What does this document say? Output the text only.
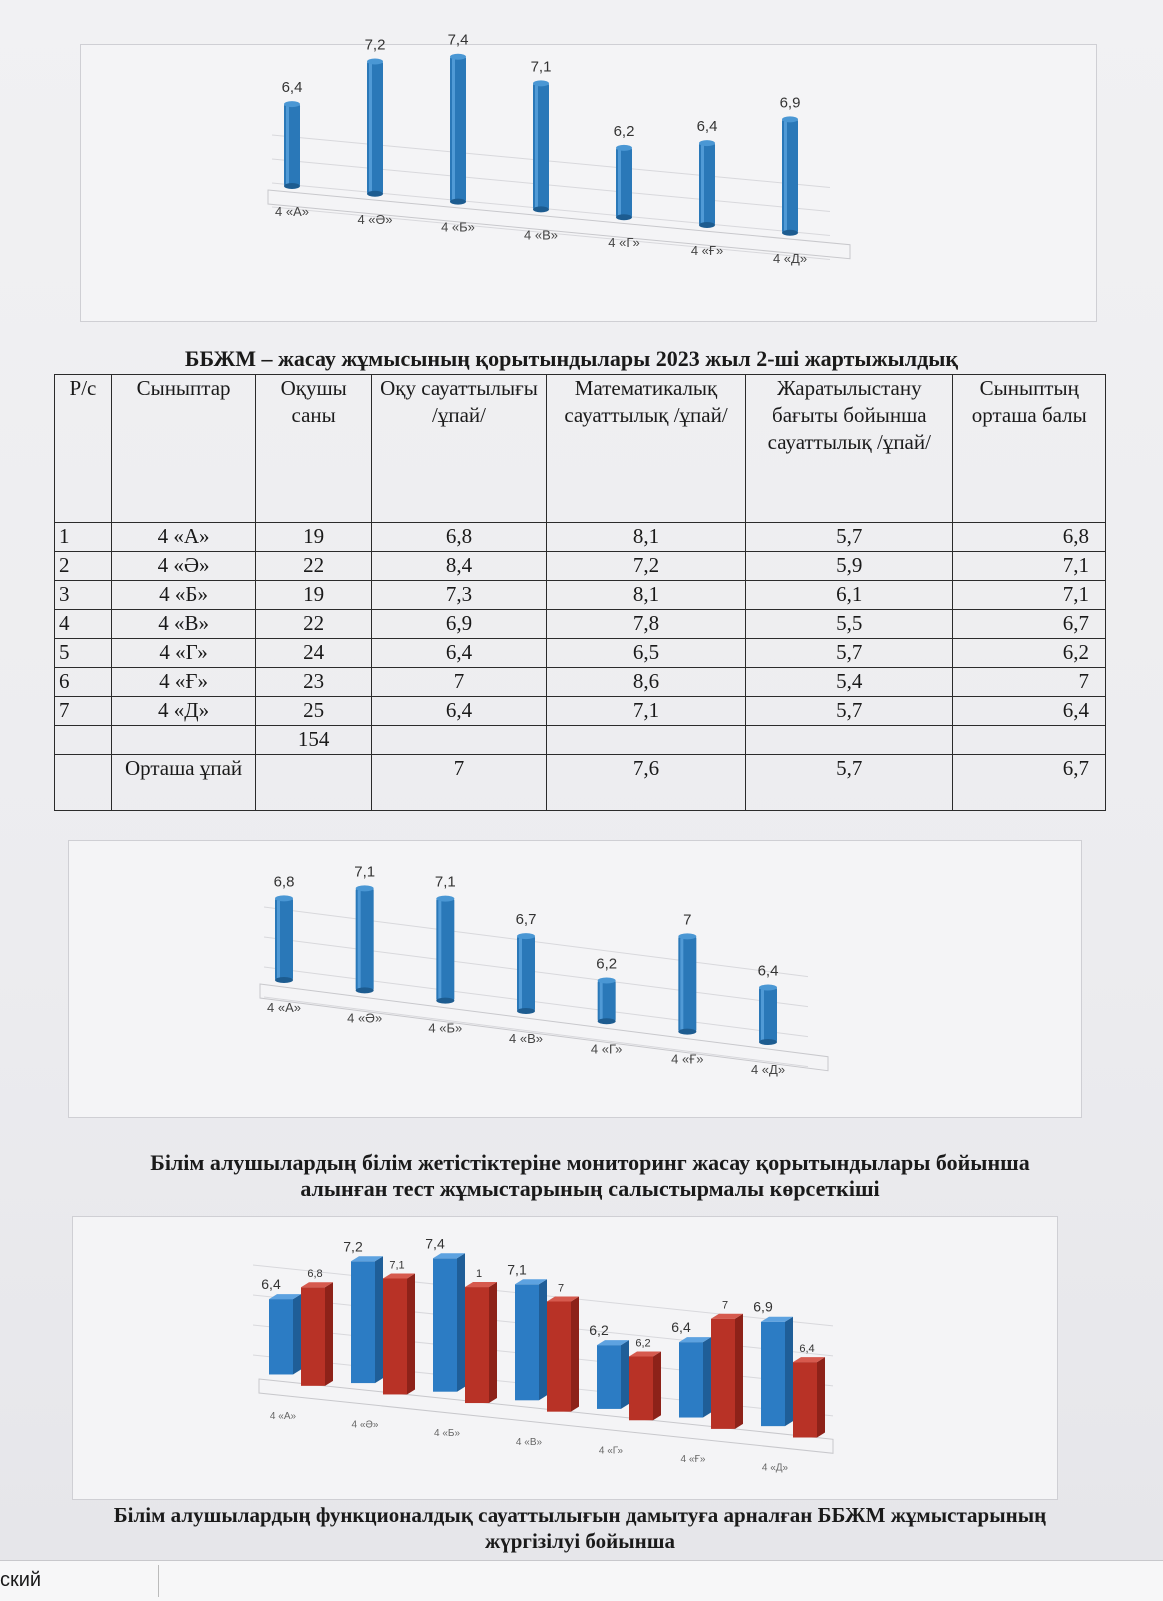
6,4
4 «А»
7,2
4 «Ә»
7,4
4 «Б»
7,1
4 «В»
6,2
4 «Г»
6,4
4 «Ғ»
6,9
4 «Д»
ББЖМ – жасау жұмысының қорытындылары 2023 жыл 2-ші жартыжылдық
Р/с	Сыныптар	Оқушы саны	Оқу сауаттылығы /ұпай/	Математикалық сауаттылық /ұпай/	Жаратылыстану бағыты бойынша сауаттылық /ұпай/	Сыныптың орташа балы
1	4 «А»	19	6,8	8,1	5,7	6,8
2	4 «Ә»	22	8,4	7,2	5,9	7,1
3	4 «Б»	19	7,3	8,1	6,1	7,1
4	4 «В»	22	6,9	7,8	5,5	6,7
5	4 «Г»	24	6,4	6,5	5,7	6,2
6	4 «Ғ»	23	7	8,6	5,4	7
7	4 «Д»	25	6,4	7,1	5,7	6,4
		154				
	Орташа ұпай		7	7,6	5,7	6,7
6,8
4 «А»
7,1
4 «Ә»
7,1
4 «Б»
6,7
4 «В»
6,2
4 «Г»
7
4 «Ғ»
6,4
4 «Д»
Білім алушылардың білім жетістіктеріне мониторинг жасау қорытындылары бойынша алынған тест жұмыстарының салыстырмалы көрсеткіші
6,4
6,8
4 «А»
7,2
7,1
4 «Ә»
7,4
1
4 «Б»
7,1
7
4 «В»
6,2
6,2
4 «Г»
6,4
7
4 «Ғ»
6,9
6,4
4 «Д»
Білім алушылардың функционалдық сауаттылығын дамытуға арналған ББЖМ жұмыстарының жүргізілуі бойынша
ский
